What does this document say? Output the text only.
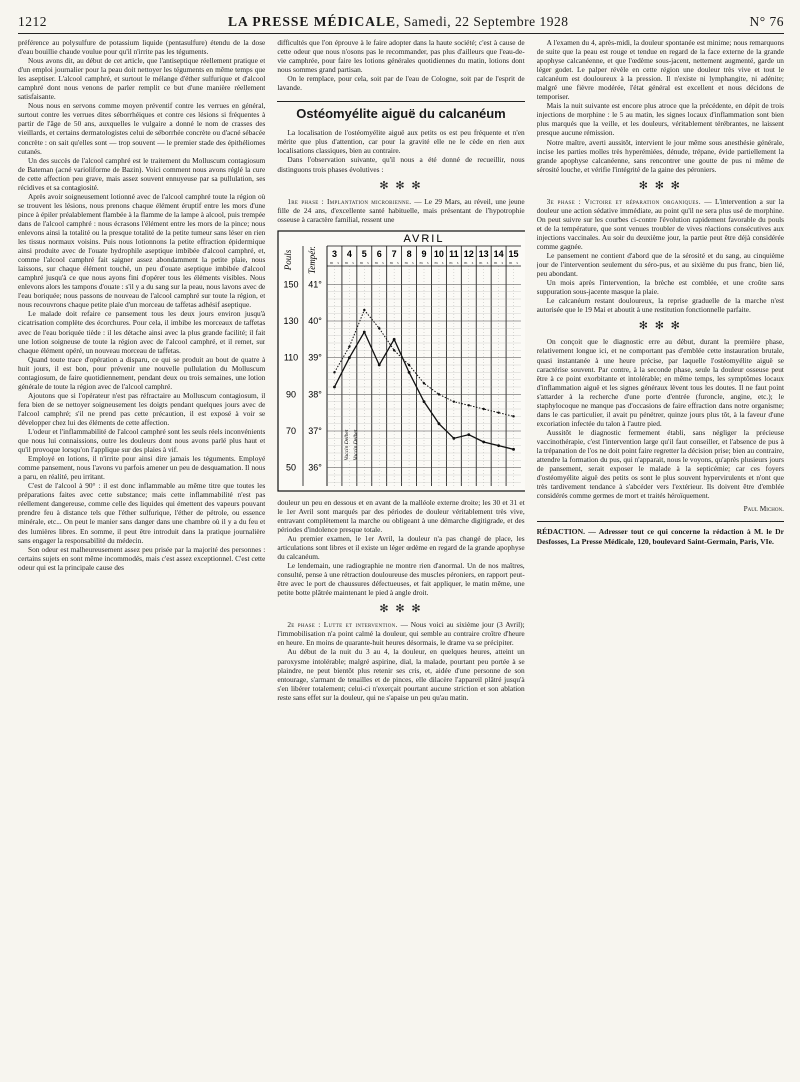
1212	LA PRESSE MÉDICALE, Samedi, 22 Septembre 1928	N° 76

préférence au polysulfure de potassium liquide (pentasulfure) étendu de la dose d'eau bouillie chaude voulue pour qu'il n'irrite pas les téguments.

Nous avons dit, au début de cet article, que l'antiseptique réellement pratique et d'un emploi journalier pour la peau doit nettoyer les téguments en même temps que les aseptiser. L'alcool camphré, et surtout le mélange d'éther sulfurique et d'alcool camphré dont nous venons de parler remplit ce but d'une manière réellement satisfaisante.

Nous nous en servons comme moyen préventif contre les verrues en général, surtout contre les verrues dites séborrhéiques et contre ces lésions si fréquentes à partir de l'âge de 50 ans, auxquelles le vulgaire a donné le nom de crasses des vieillards, et certains dermatologistes celui de séborrhée concrète ou d'acné sébacée concrète : on sait qu'elles sont — trop souvent — le premier stade des épithéliomes cutanés.

Un des succès de l'alcool camphré est le traitement du Molluscum contagiosum de Bateman (acné varioliforme de Bazin). Voici comment nous avons réglé la cure de cette affection peu grave, mais assez souvent ennuyeuse par sa pullulation, ses récidives et sa contagiosité.

Après avoir soigneusement lotionné avec de l'alcool camphré toute la région où se trouvent les lésions, nous prenons chaque élément éruptif entre les mors d'une pince à épiler préalablement flambée à la flamme de la lampe à alcool, puis trempée dans de l'alcool camphré : nous écrasons l'élément entre les mors de la pince; nous enlevons ainsi la totalité ou la presque totalité de la petite tumeur sans léser en rien les tissus normaux voisins. Puis nous lotionnons la petite effraction épidermique ainsi produite avec de l'ouate hydrophile aseptique imbibée d'alcool camphré, et, comme l'alcool camphré fait saigner assez abondamment la petite plaie, nous laissons, sur chaque élément touché, un peu d'ouate aseptique imbibée d'alcool camphré jusqu'à ce que nous ayons fini d'opérer tous les éléments visibles. Nous enlevons alors les tampons d'ouate : s'il y a du sang sur la peau, nous lavons avec de l'eau boriquée; nous passons de nouveau de l'alcool camphré sur toute la région, et nous recouvrons chaque petite plaie d'un morceau de taffetas adhésif aseptique.

Le malade doit refaire ce pansement tous les deux jours environ jusqu'à cicatrisation complète des écorchures. Pour cela, il imbibe les morceaux de taffetas avec de l'eau boriquée tiède : il les détache ainsi avec la plus grande facilité; il fait une lotion soigneuse de toute la région avec de l'alcool camphré, et il remet, sur chaque élément opéré, un nouveau morceau de taffetas.

Quand toute trace d'opération a disparu, ce qui se produit au bout de quatre à huit jours, il est bon, pour prévenir une nouvelle pullulation du Molluscum contagiosum, de faire quotidiennement, pendant deux ou trois semaines, une lotion générale de toute la région avec de l'alcool camphré.

Ajoutons que si l'opérateur n'est pas réfractaire au Molluscum contagiosum, il fera bien de se nettoyer soigneusement les doigts pendant quelques jours avec de l'alcool camphré; s'il ne prend pas cette précaution, il est exposé à voir se développer chez lui des éléments de cette affection.

L'odeur et l'inflammabilité de l'alcool camphré sont les seuls réels inconvénients que nous lui connaissions, outre les douleurs dont nous avons parlé plus haut et qu'il provoque lorsqu'on l'applique sur des plaies à vif.

Employé en lotions, il n'irrite pour ainsi dire jamais les téguments. Employé comme pansement, nous l'avons vu parfois amener un peu de desquamation. Il nous a paru, en réalité, peu irritant.

C'est de l'alcool à 90° : il est donc inflammable au même titre que toutes les préparations faites avec cette substance; mais cette inflammabilité n'est pas réellement dangereuse, comme celle des liquides qui émettent des vapeurs pouvant prendre feu à distance tels que l'éther sulfurique, l'éther de pétrole, ou essence minérale, etc... On peut le manier sans danger dans une chambre où il y a du feu et des lumières libres. En somme, il peut être introduit dans la pratique journalière sans engager la responsabilité du médecin.

Son odeur est malheureusement assez peu prisée par la majorité des personnes : certains sujets en sont même incommodés, mais c'est assez exceptionnel. C'est cette odeur qui est la principale cause des

difficultés que l'on éprouve à le faire adopter dans la haute société; c'est à cause de cette odeur que nous n'osons pas le recommander, pas plus d'ailleurs que l'eau-de-vie camphrée, pour faire les lotions générales quotidiennes du matin, lotions dont nous sommes grand partisan.

On le remplace, pour cela, soit par de l'eau de Cologne, soit par de l'esprit de lavande.

Ostéomyélite aiguë du calcanéum

La localisation de l'ostéomyélite aiguë aux petits os est peu fréquente et n'en mérite que plus d'attention, car pour la gravité elle ne le cède en rien aux localisations classiques, bien au contraire.

Dans l'observation suivante, qu'il nous a été donné de recueillir, nous distinguons trois phases évolutives :

✻ ✻ ✻

1re phase : Implantation microbienne. — Le 29 Mars, au réveil, une jeune fille de 24 ans, d'excellente santé habituelle, mais présentant de l'hypotrophie osseuse à caractère familial, ressent une

AVRIL
Pouls Tempér. 3
m s
4
m s
5
m s
6
m s
7
m s
8
m s
9
m s
10
m s
11
m s
12
m s
13
m s
14
m s
15
m s
41°
150
40°
130
39°
110
38°
90
37°
70
36°
50
Vaccin Delbet Vaccin Delbet

douleur un peu en dessous et en avant de la malléole externe droite; les 30 et 31 et le 1er Avril sont marqués par des périodes de douleur véritablement très vive, entravant complètement la marche ou obligeant à une démarche digitigrade, et des périodes d'indolence presque totale.

Au premier examen, le 1er Avril, la douleur n'a pas changé de place, les articulations sont libres et il existe un léger œdème en regard de la grande apophyse du calcanéum.

Le lendemain, une radiographie ne montre rien d'anormal. Un de nos maîtres, consulté, pense à une rétraction douloureuse des muscles péroniers, en rapport peut-être avec le port de chaussures défectueuses, et fait appliquer, le matin même, une petite botte plâtrée maintenant le pied à angle droit.

✻ ✻ ✻

2e phase : Lutte et intervention. — Nous voici au sixième jour (3 Avril); l'immobilisation n'a point calmé la douleur, qui semble au contraire croître d'heure en heure. En moins de quarante-huit heures désormais, le drame va se précipiter.

Au début de la nuit du 3 au 4, la douleur, en quelques heures, atteint un paroxysme intolérable; malgré aspirine, dial, la malade, pourtant peu portée à se plaindre, ne peut bientôt plus retenir ses cris, et, aidée d'une personne de son entourage, s'armant de tenailles et de pinces, elle dilacère l'appareil plâtré jusqu'à s'en libérer totalement; celui-ci n'exerçait pourtant aucune striction et son ablation reste sans effet sur la douleur, qui ne s'apaise un peu qu'au matin.

A l'examen du 4, après-midi, la douleur spontanée est minime; nous remarquons de suite que la peau est rouge et tendue en regard de la face externe de la grande apophyse calcanéenne, et que l'œdème sous-jacent, nettement augmenté, garde un léger godet. Le palper révèle en cette région une douleur très vive et tout le calcanéum est douloureux à la pression. Il n'existe ni lymphangite, ni adénite; malgré une fièvre modérée, l'état général est excellent et nous décidons de temporiser.

Mais la nuit suivante est encore plus atroce que la précédente, en dépit de trois injections de morphine : le 5 au matin, les signes locaux d'inflammation sont bien plus marqués que la veille, et les douleurs, véritablement térébrantes, ne laissent presque aucune rémission.

Notre maître, averti aussitôt, intervient le jour même sous anesthésie générale, incise les parties molles très hyperémiées, dénude, trépane, évide partiellement la grande apophyse calcanéenne, sans rencontrer une goutte de pus ni même de sérosité louche, et vérifie l'intégrité de la gaine des péroniers.

✻ ✻ ✻

3e phase : Victoire et réparation organiques. — L'intervention a sur la douleur une action sédative immédiate, au point qu'il ne sera plus usé de morphine. On peut suivre sur les courbes ci-contre l'évolution rapidement favorable du pouls et de la température, que sont venues troubler de vives réactions consécutives aux injections vaccinales. Au soir du deuxième jour, la partie peut être déjà considérée comme gagnée.

Le pansement ne contient d'abord que de la sérosité et du sang, au cinquième jour de l'intervention seulement du séro-pus, et au sixième du pus franc, bien lié, peu abondant.

Un mois après l'intervention, la brèche est comblée, et une croûte sans suppuration sous-jacente masque la plaie.

Le calcanéum restant douloureux, la reprise graduelle de la marche n'est autorisée que le 19 Mai et aboutit à une restitution fonctionnelle parfaite.

✻ ✻ ✻

On conçoit que le diagnostic erre au début, durant la première phase, relativement longue ici, et ne comportant pas d'emblée cette instauration brutale, quasi instantanée à une heure précise, par laquelle l'ostéomyélite aiguë se caractérise souvent. Par contre, à la seconde phase, seule la douleur osseuse peut être à ce point exorbitante et intolérable; en même temps, les symptômes locaux d'inflammation aiguë et les signes généraux lèvent tous les doutes. Il ne faut point s'attarder à la recherche d'une porte d'entrée (furoncle, angine, etc.); le staphylocoque ne manque pas d'occasions de faire effraction dans notre organisme; dans le cas particulier, il avait pu pénétrer, quinze jours plus tôt, à la faveur d'une excoriation infectée du talon à l'autre pied.

Aussitôt le diagnostic fermement établi, sans négliger la précieuse vaccinothérapie, c'est l'intervention large qu'il faut conseiller, et l'absence de pus à la trépanation de l'os ne doit point faire regretter la décision prise; bien au contraire, attendre la formation du pus, qui n'apparait, nous le voyons, qu'après plusieurs jours de pansement, serait exposer le malade à la septicémie; car ces foyers d'ostéomyélite aiguë des petits os sont le plus souvent hypervirulents et n'ont que très tardivement tendance à s'abcéder vers l'extérieur. Ils doivent être d'emblée considérés comme germes de mort et traités héroïquement.

Paul Michon.
RÉDACTION. — Adresser tout ce qui concerne la rédaction à M. le Dr Desfosses, La Presse Médicale, 120, boulevard Saint-Germain, Paris, VIe.
